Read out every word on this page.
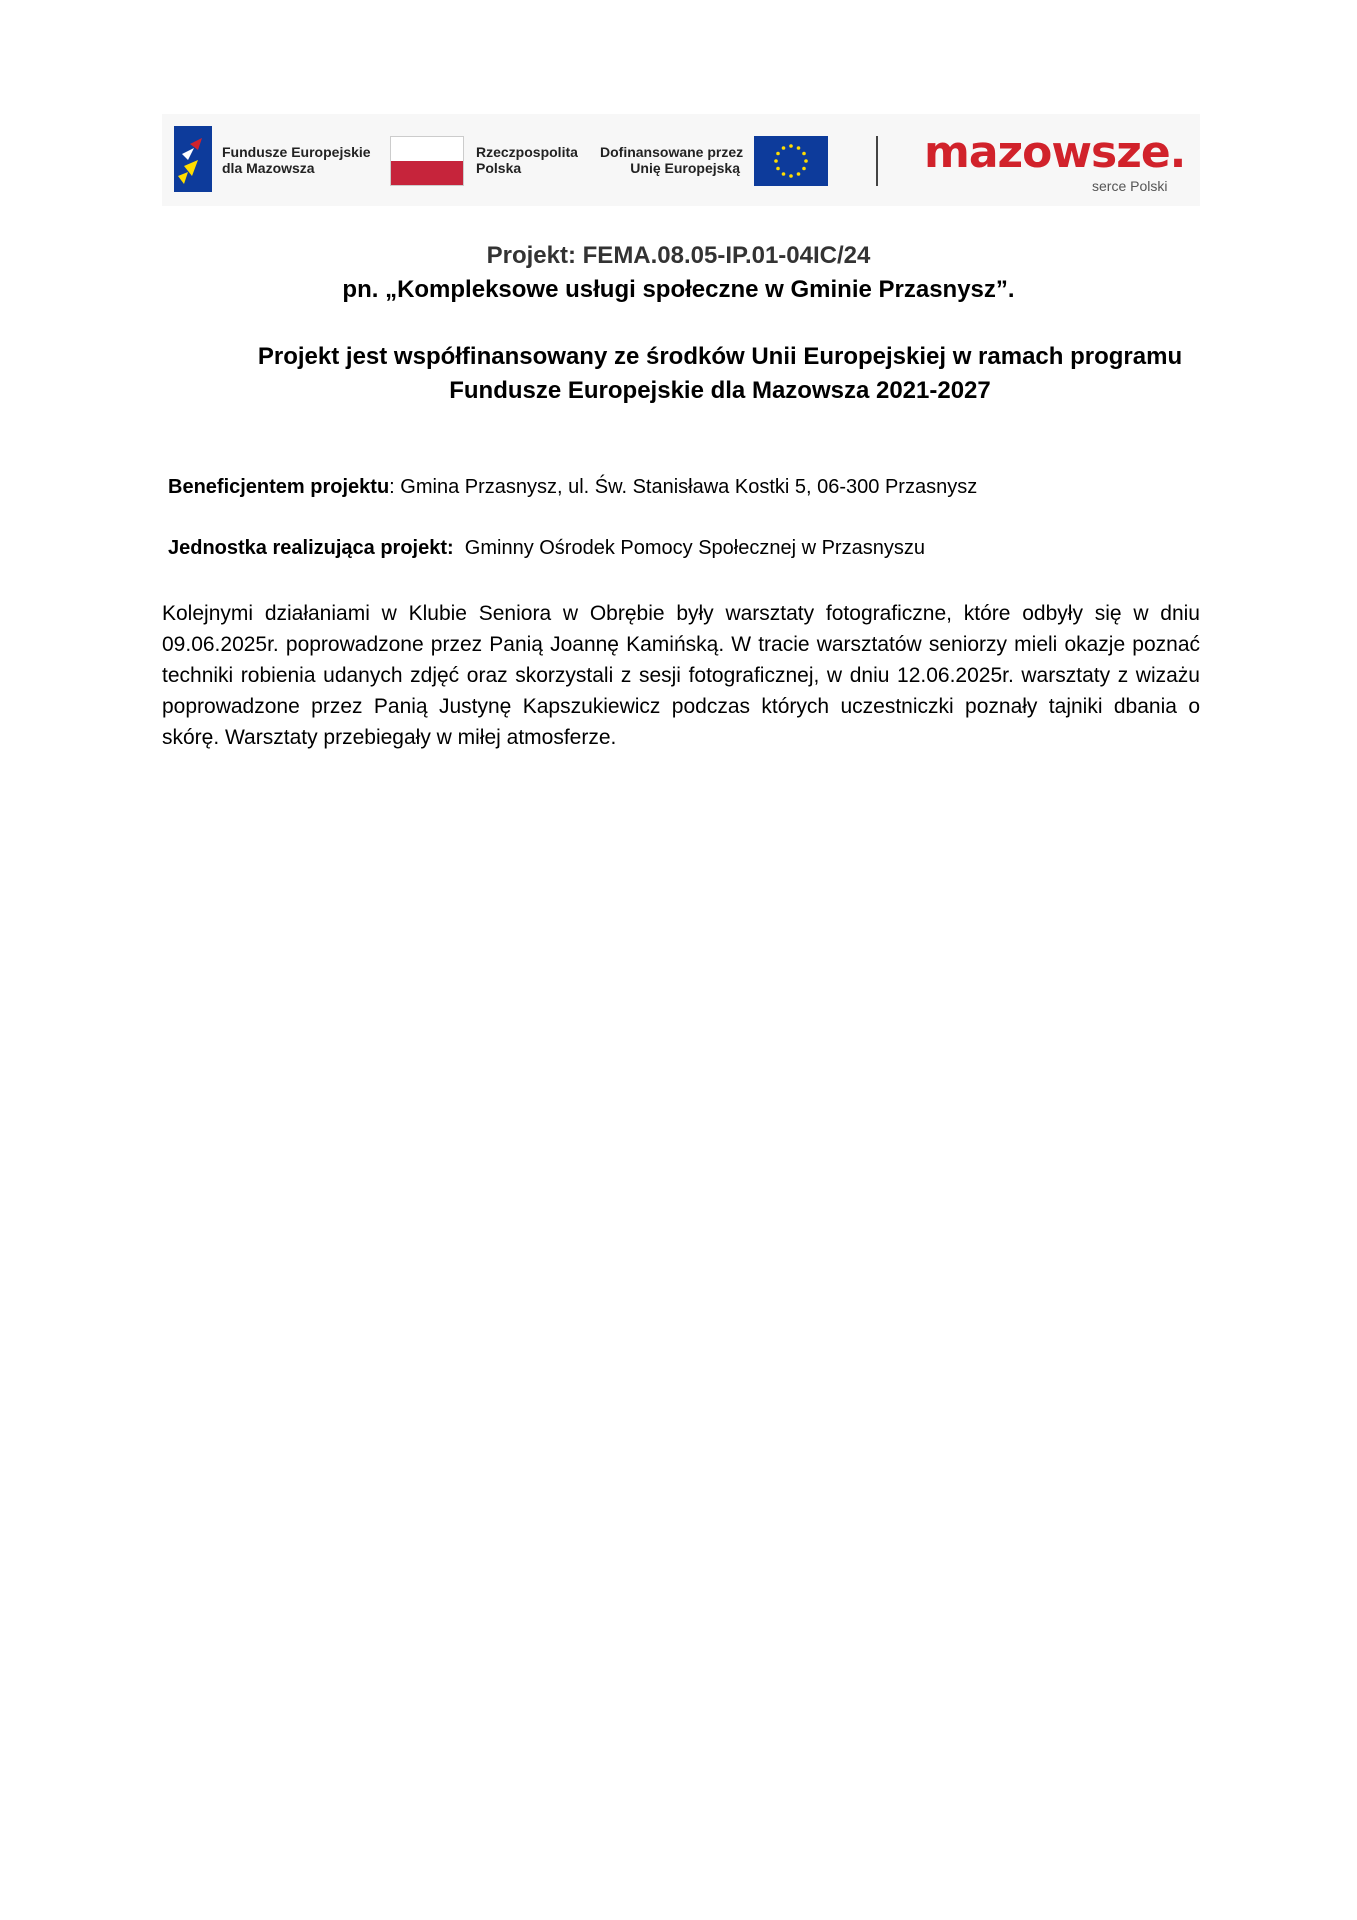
Fundusze Europejskie
dla Mazowsza
Rzeczpospolita
Polska
Dofinansowane przez
Unię Europejską	mazowsze.
serce Polski
Projekt: FEMA.08.05-IP.01-04IC/24
pn. „Kompleksowe usługi społeczne w Gminie Przasnysz”.
Projekt jest współfinansowany ze środków Unii Europejskiej w ramach programu
Fundusze Europejskie dla Mazowsza 2021-2027
Beneficjentem projektu: Gmina Przasnysz, ul. Św. Stanisława Kostki 5, 06-300 Przasnysz
Jednostka realizująca projekt:  Gminny Ośrodek Pomocy Społecznej w Przasnyszu
Kolejnymi działaniami w Klubie Seniora w Obrębie były warsztaty fotograficzne, które odbyły się w dniu 09.06.2025r. poprowadzone przez Panią Joannę Kamińską. W tracie warsztatów seniorzy mieli okazje poznać techniki robienia udanych zdjęć oraz skorzystali z sesji fotograficznej, w dniu 12.06.2025r. warsztaty z wizażu poprowadzone przez Panią Justynę Kapszukiewicz podczas których uczestniczki poznały tajniki dbania o skórę. Warsztaty przebiegały w miłej atmosferze.
